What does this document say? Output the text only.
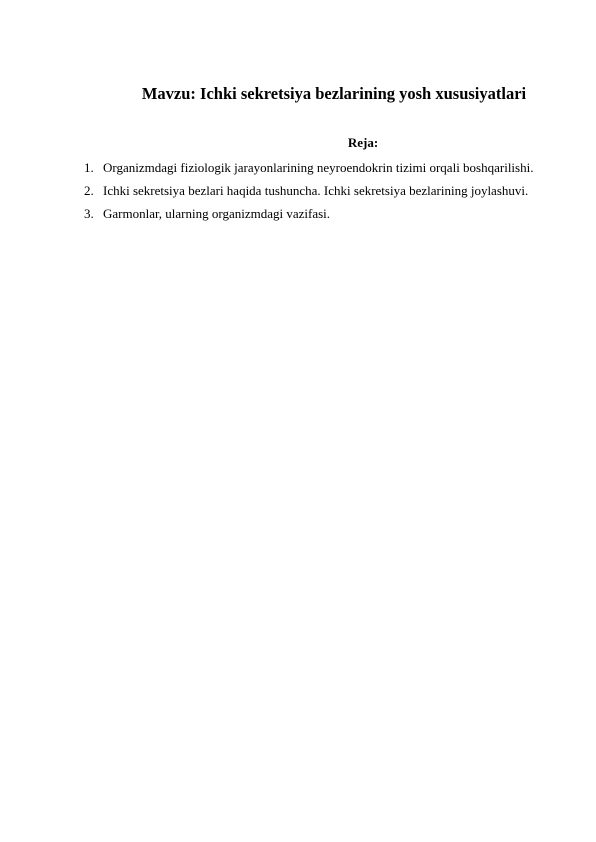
Mavzu: Ichki sekretsiya bezlarining yosh xususiyatlari
Reja:
1. Organizmdagi fiziologik jarayonlarining neyroendokrin tizimi orqali boshqarilishi.
2. Ichki sekretsiya bezlari haqida tushuncha. Ichki sekretsiya bezlarining joylashuvi.
3. Garmonlar, ularning organizmdagi vazifasi.
